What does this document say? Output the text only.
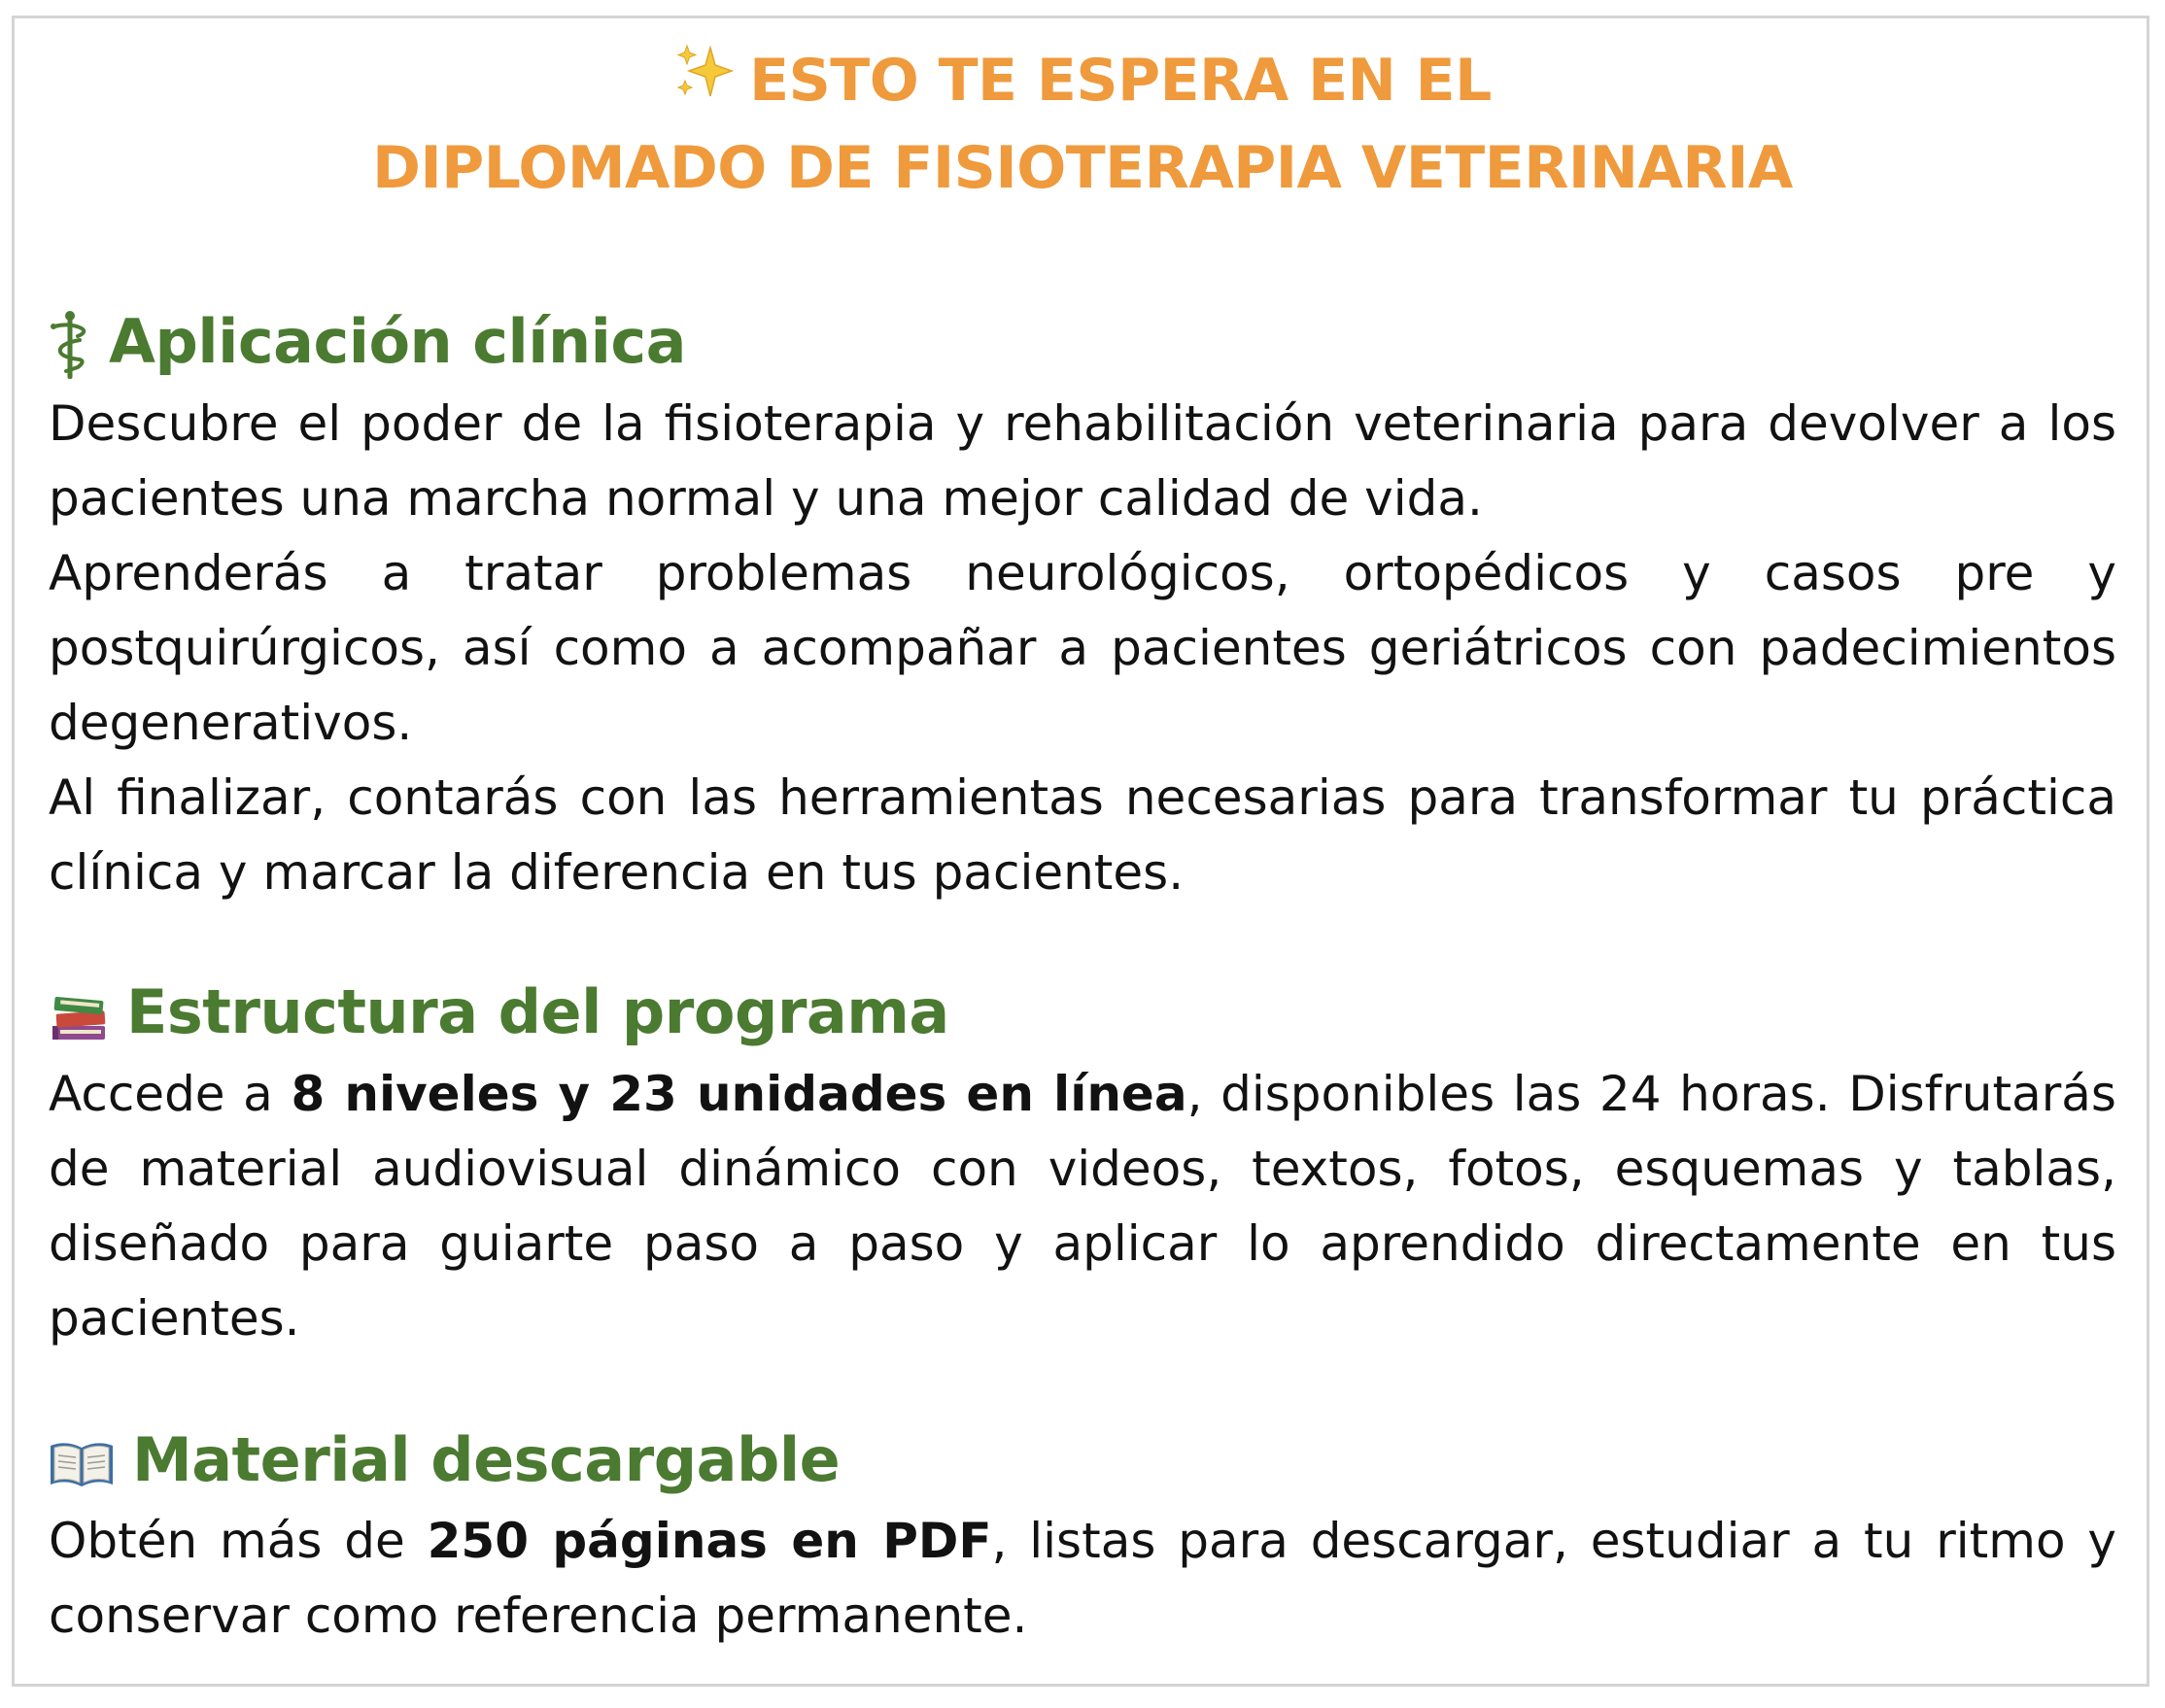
ESTO TE ESPERA EN EL
DIPLOMADO DE FISIOTERAPIA VETERINARIA
Aplicación clínica

Descubre el poder de la fisioterapia y rehabilitación veterinaria para devolver a los pacientes una marcha normal y una mejor calidad de vida.

Aprenderás a tratar problemas neurológicos, ortopédicos y casos pre y postquirúrgicos, así como a acompañar a pacientes geriátricos con padecimientos degenerativos.

Al finalizar, contarás con las herramientas necesarias para transformar tu práctica clínica y marcar la diferencia en tus pacientes.

Estructura del programa

Accede a 8 niveles y 23 unidades en línea, disponibles las 24 horas. Disfrutarás de material audiovisual dinámico con videos, textos, fotos, esquemas y tablas, diseñado para guiarte paso a paso y aplicar lo aprendido directamente en tus pacientes.

Material descargable

Obtén más de 250 páginas en PDF, listas para descargar, estudiar a tu ritmo y conservar como referencia permanente.
